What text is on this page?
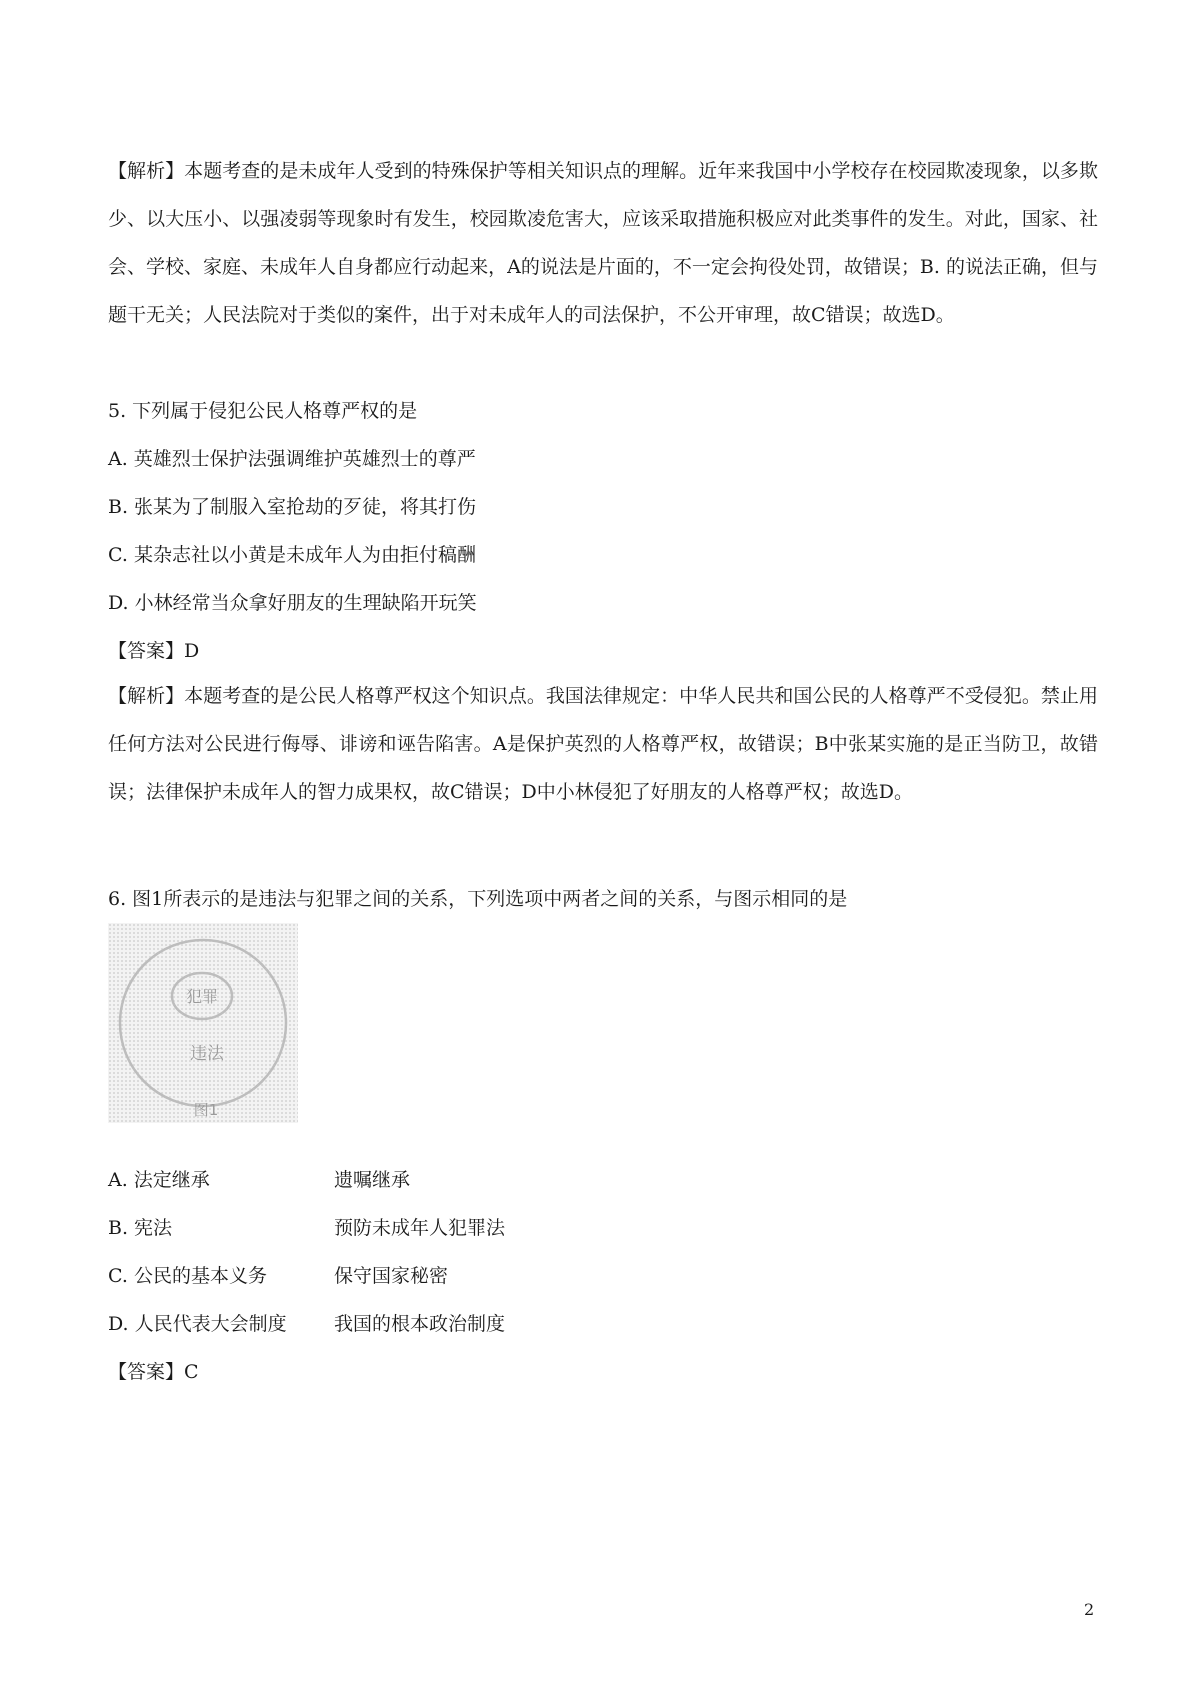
【解析】本题考查的是未成年人受到的特殊保护等相关知识点的理解。近年来我国中小学校存在校园欺凌现象，以多欺少、以大压小、以强凌弱等现象时有发生，校园欺凌危害大，应该采取措施积极应对此类事件的发生。对此，国家、社会、学校、家庭、未成年人自身都应行动起来，A的说法是片面的，不一定会拘役处罚，故错误；B. 的说法正确，但与题干无关；人民法院对于类似的案件，出于对未成年人的司法保护，不公开审理，故C错误；故选D。
5. 下列属于侵犯公民人格尊严权的是
A. 英雄烈士保护法强调维护英雄烈士的尊严
B. 张某为了制服入室抢劫的歹徒，将其打伤
C. 某杂志社以小黄是未成年人为由拒付稿酬
D. 小林经常当众拿好朋友的生理缺陷开玩笑
【答案】D
【解析】本题考查的是公民人格尊严权这个知识点。我国法律规定：中华人民共和国公民的人格尊严不受侵犯。禁止用任何方法对公民进行侮辱、诽谤和诬告陷害。A是保护英烈的人格尊严权，故错误；B中张某实施的是正当防卫，故错误；法律保护未成年人的智力成果权，故C错误；D中小林侵犯了好朋友的人格尊严权；故选D。
6. 图1所表示的是违法与犯罪之间的关系，下列选项中两者之间的关系，与图示相同的是
犯罪
违法
图1
A. 法定继承	遗嘱继承
B. 宪法	预防未成年人犯罪法
C. 公民的基本义务	保守国家秘密
D. 人民代表大会制度 我国的根本政治制度
【答案】C
2
